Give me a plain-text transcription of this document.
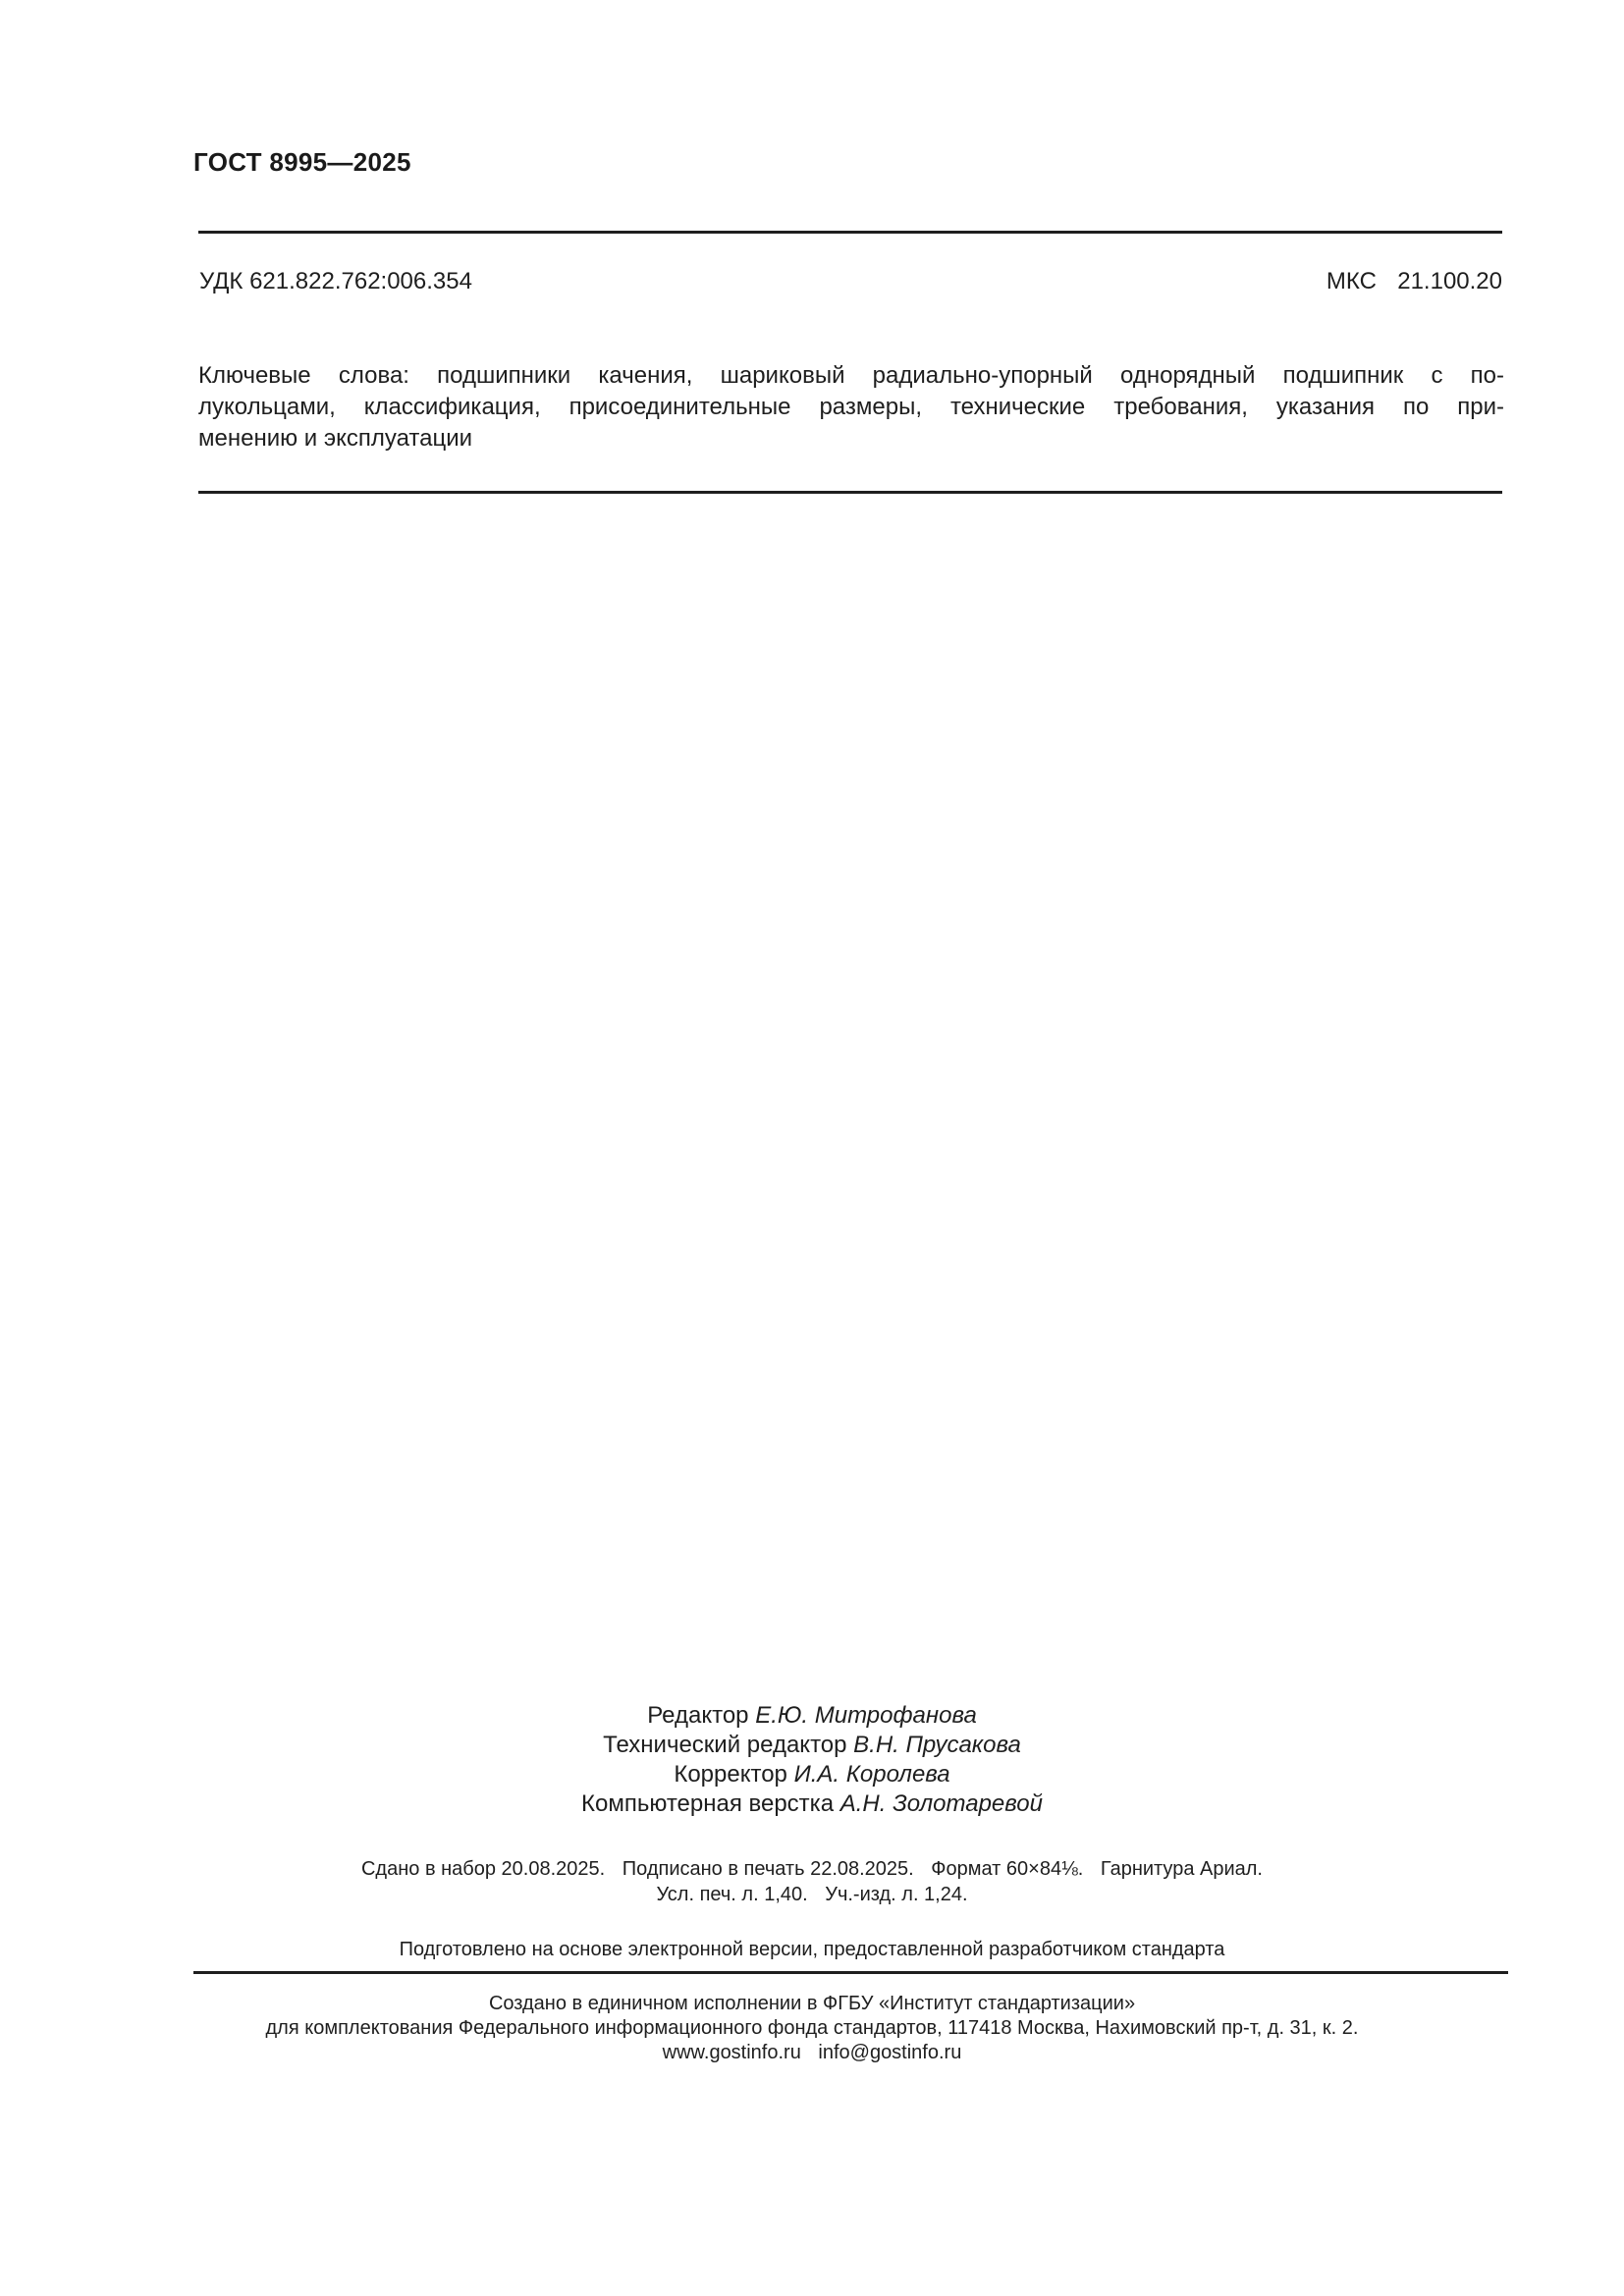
ГОСТ 8995—2025
УДК 621.822.762:006.354	МКС  21.100.20
Ключевые слова: подшипники качения, шариковый радиально-упорный однорядный подшипник с по-
лукольцами, классификация, присоединительные размеры, технические требования, указания по при-
менению и эксплуатации
Редактор Е.Ю. Митрофанова
Технический редактор В.Н. Прусакова
Корректор И.А. Королева
Компьютерная верстка А.Н. Золотаревой
Сдано в набор 20.08.2025. Подписано в печать 22.08.2025. Формат 60×84⅛. Гарнитура Ариал.
Усл. печ. л. 1,40. Уч.-изд. л. 1,24.
Подготовлено на основе электронной версии, предоставленной разработчиком стандарта
Создано в единичном исполнении в ФГБУ «Институт стандартизации»
для комплектования Федерального информационного фонда стандартов, 117418 Москва, Нахимовский пр-т, д. 31, к. 2.
www.gostinfo.ru info@gostinfo.ru
